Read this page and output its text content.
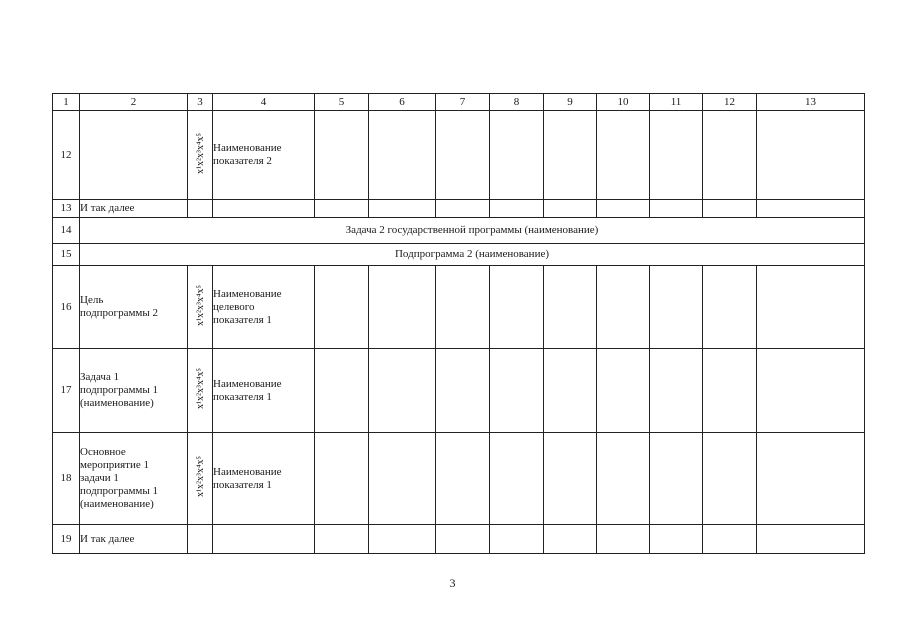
1	2	3	4	5	6	7	8	9	10	11	12	13
12		x¹x²x³x⁴x⁵	Наименование
показателя 2									
13	И так далее											
14	Задача 2 государственной программы (наименование)											
15	Подпрограмма 2 (наименование)											
16	Цель
подпрограммы 2	x¹x²x³x⁴x⁵	Наименование
целевого
показателя 1									
17	Задача 1
подпрограммы 1
(наименование)	x¹x²x³x⁴x⁵	Наименование
показателя 1									
18	Основное
мероприятие 1
задачи 1
подпрограммы 1
(наименование)	x¹x²x³x⁴x⁵	Наименование
показателя 1									
19	И так далее											
3
